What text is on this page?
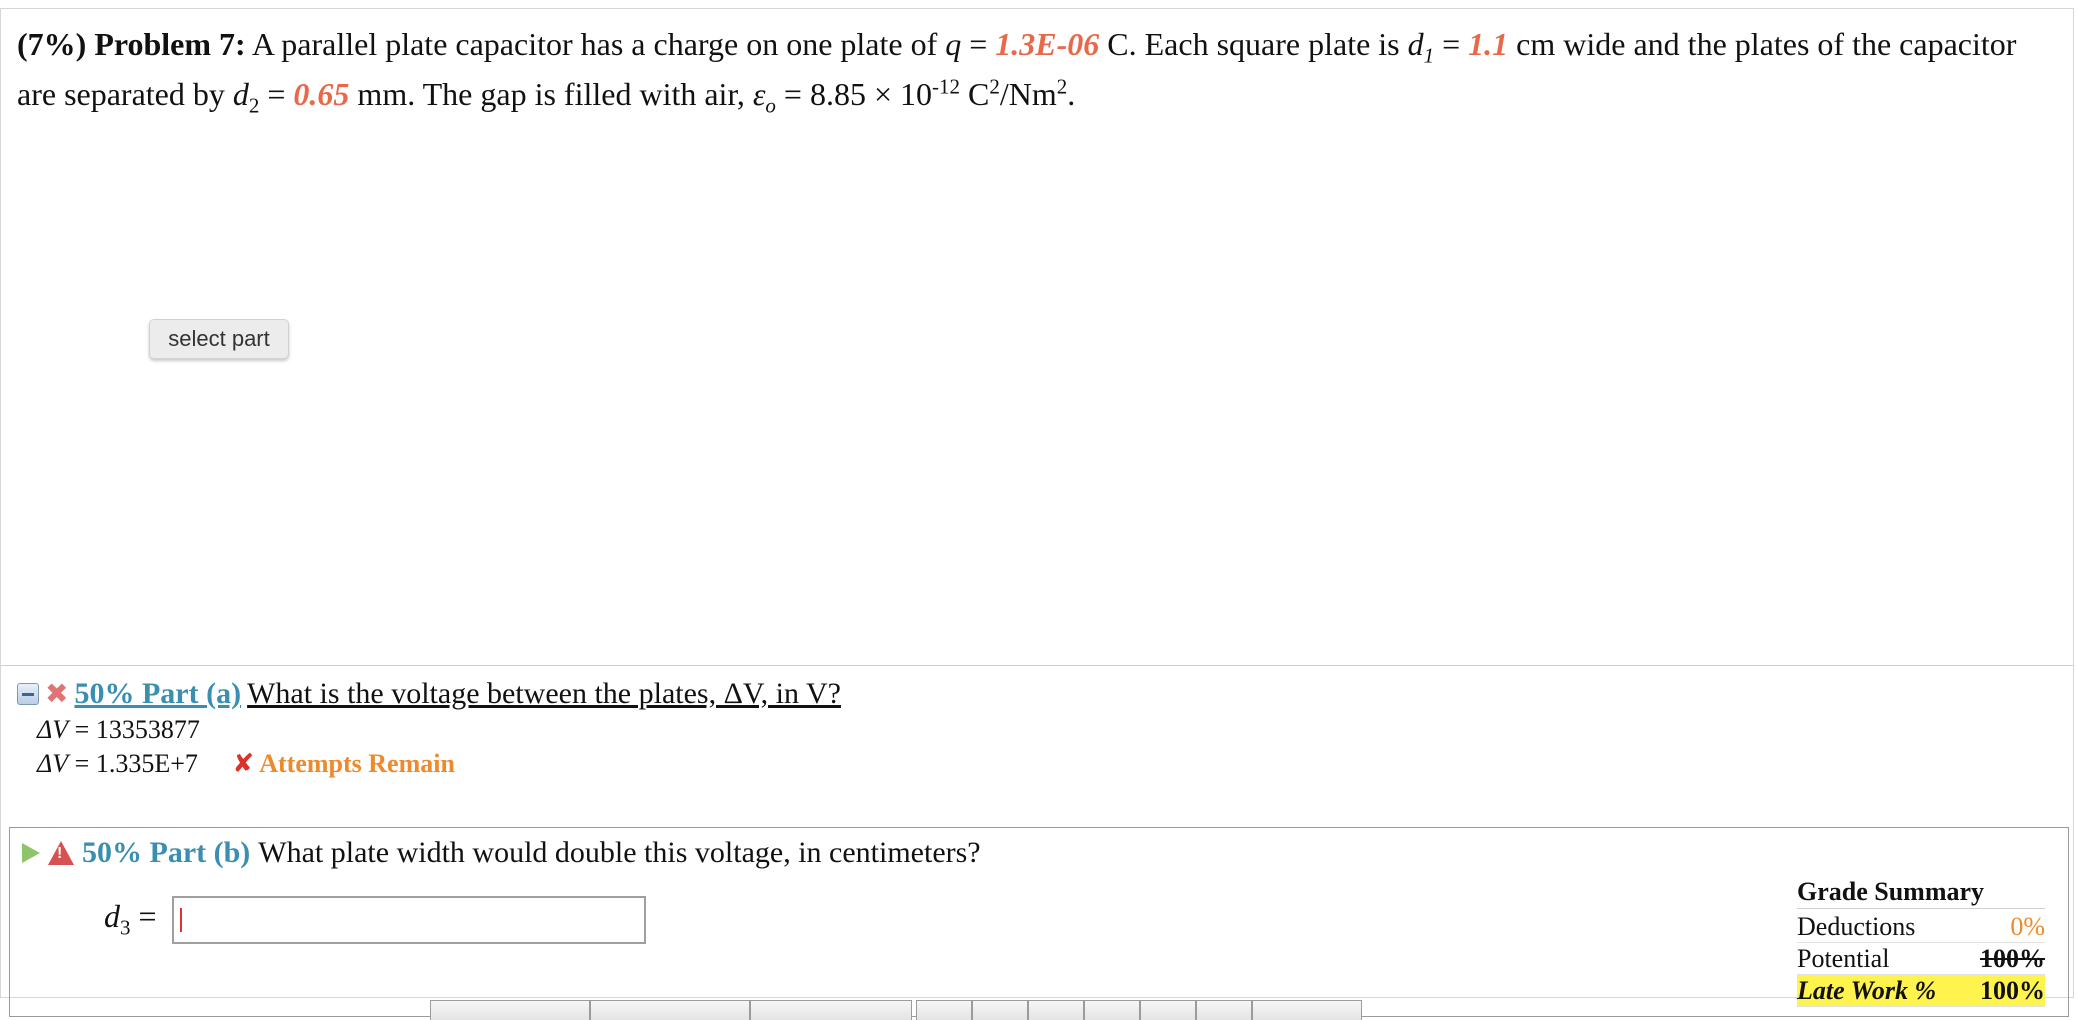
(7%) Problem 7: A parallel plate capacitor has a charge on one plate of q = 1.3E-06 C. Each square plate is $d_1 = 1.1$ cm wide and the plates of the capacitor are separated by $d_2 = 0.65$ mm. The gap is filled with air, $\varepsilon_o = 8.85 \times 10^{-12}$ $C^2/Nm^2$.
select part
✖ 50% Part (a) What is the voltage between the plates, ΔV, in V?
ΔV = 13353877
ΔV = 1.335E+7 ✘ Attempts Remain
!
50% Part (b) What plate width would double this voltage, in centimeters?
$d_3$ =
Grade Summary
Deductions	0%
Potential	100%
Late Work % 100%
